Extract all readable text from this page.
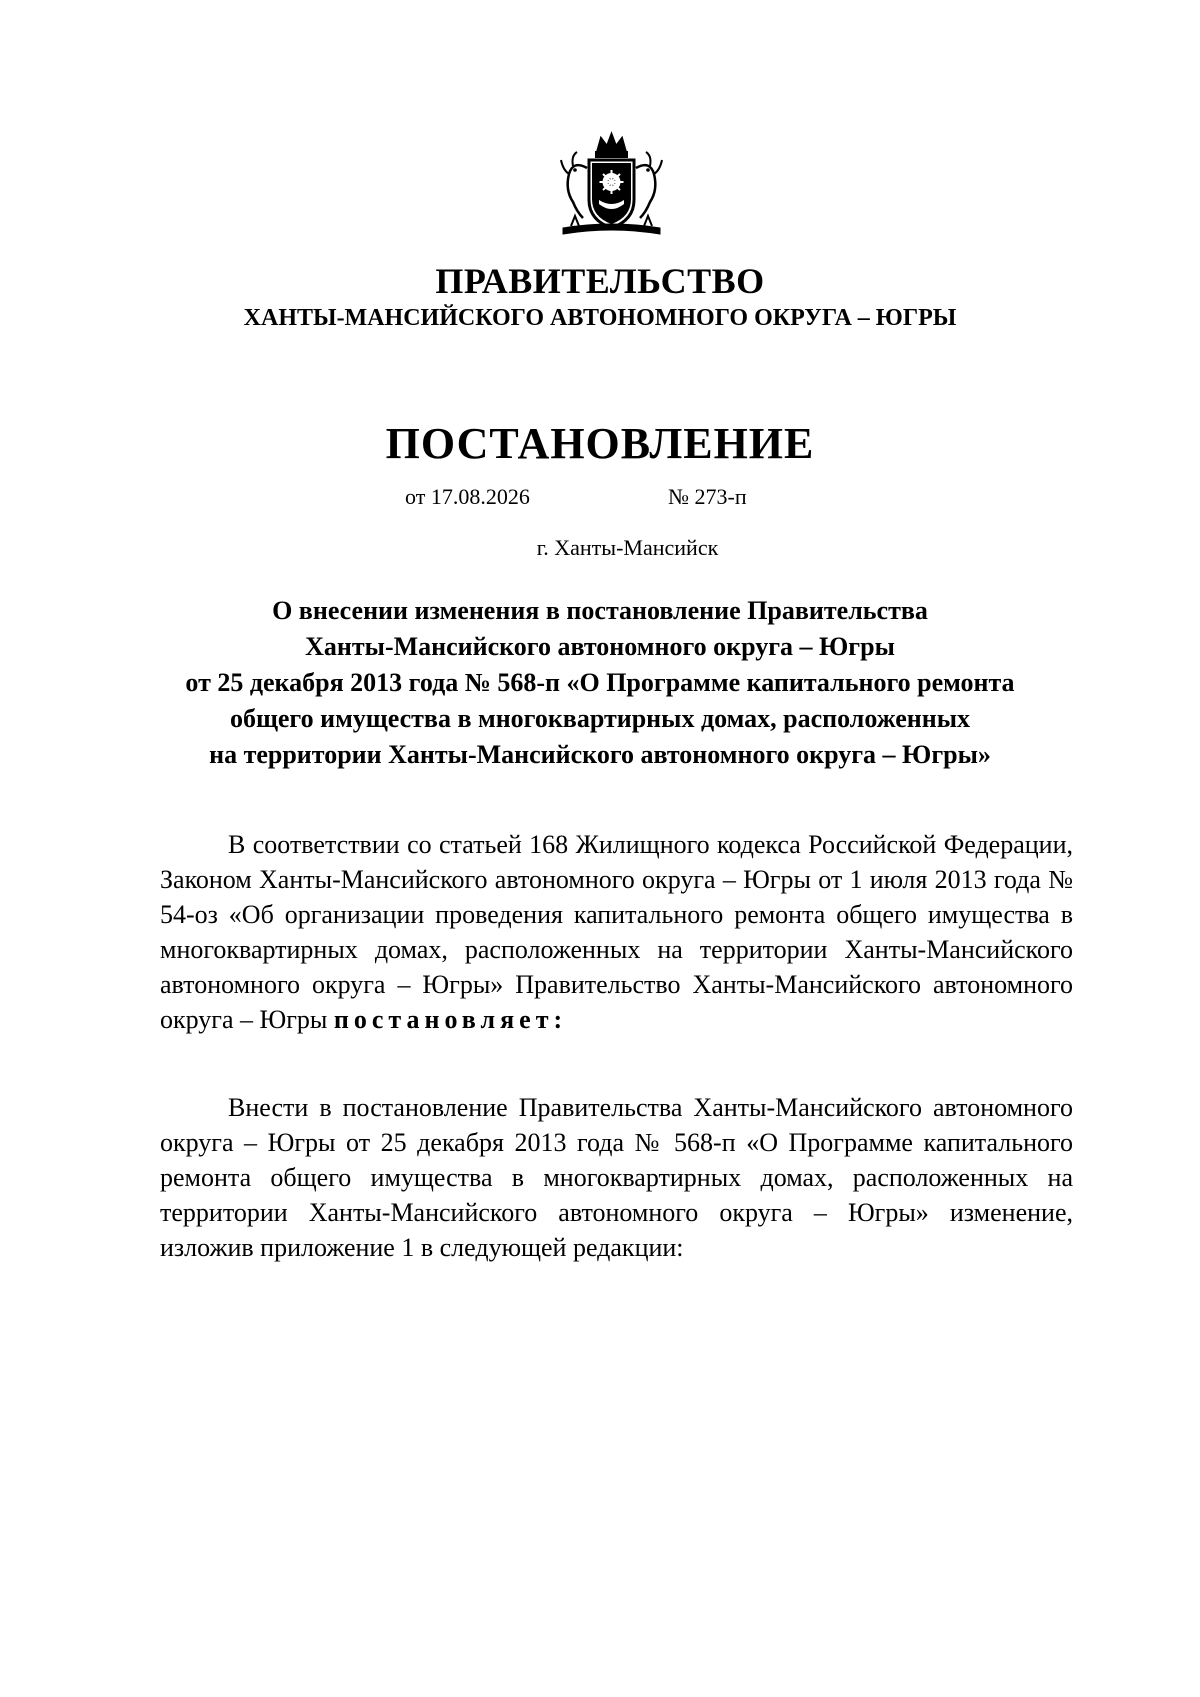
ПРАВИТЕЛЬСТВО
ХАНТЫ-МАНСИЙСКОГО АВТОНОМНОГО ОКРУГА – ЮГРЫ
ПОСТАНОВЛЕНИЕ
от 17.08.2026	№ 273-п
г. Ханты-Мансийск
О внесении изменения в постановление Правительства
Ханты-Мансийского автономного округа – Югры
от 25 декабря 2013 года № 568-п «О Программе капитального ремонта
общего имущества в многоквартирных домах, расположенных
на территории Ханты-Мансийского автономного округа – Югры»
В соответствии со статьей 168 Жилищного кодекса Российской Федерации, Законом Ханты-Мансийского автономного округа – Югры от 1 июля 2013 года № 54-оз «Об организации проведения капитального ремонта общего имущества в многоквартирных домах, расположенных на территории Ханты-Мансийского автономного округа – Югры» Правительство Ханты-Мансийского автономного округа – Югры постановляет:
Внести в постановление Правительства Ханты-Мансийского автономного округа – Югры от 25 декабря 2013 года № 568-п «О Программе капитального ремонта общего имущества в многоквартирных домах, расположенных на территории Ханты-Мансийского автономного округа – Югры» изменение, изложив приложение 1 в следующей редакции:
